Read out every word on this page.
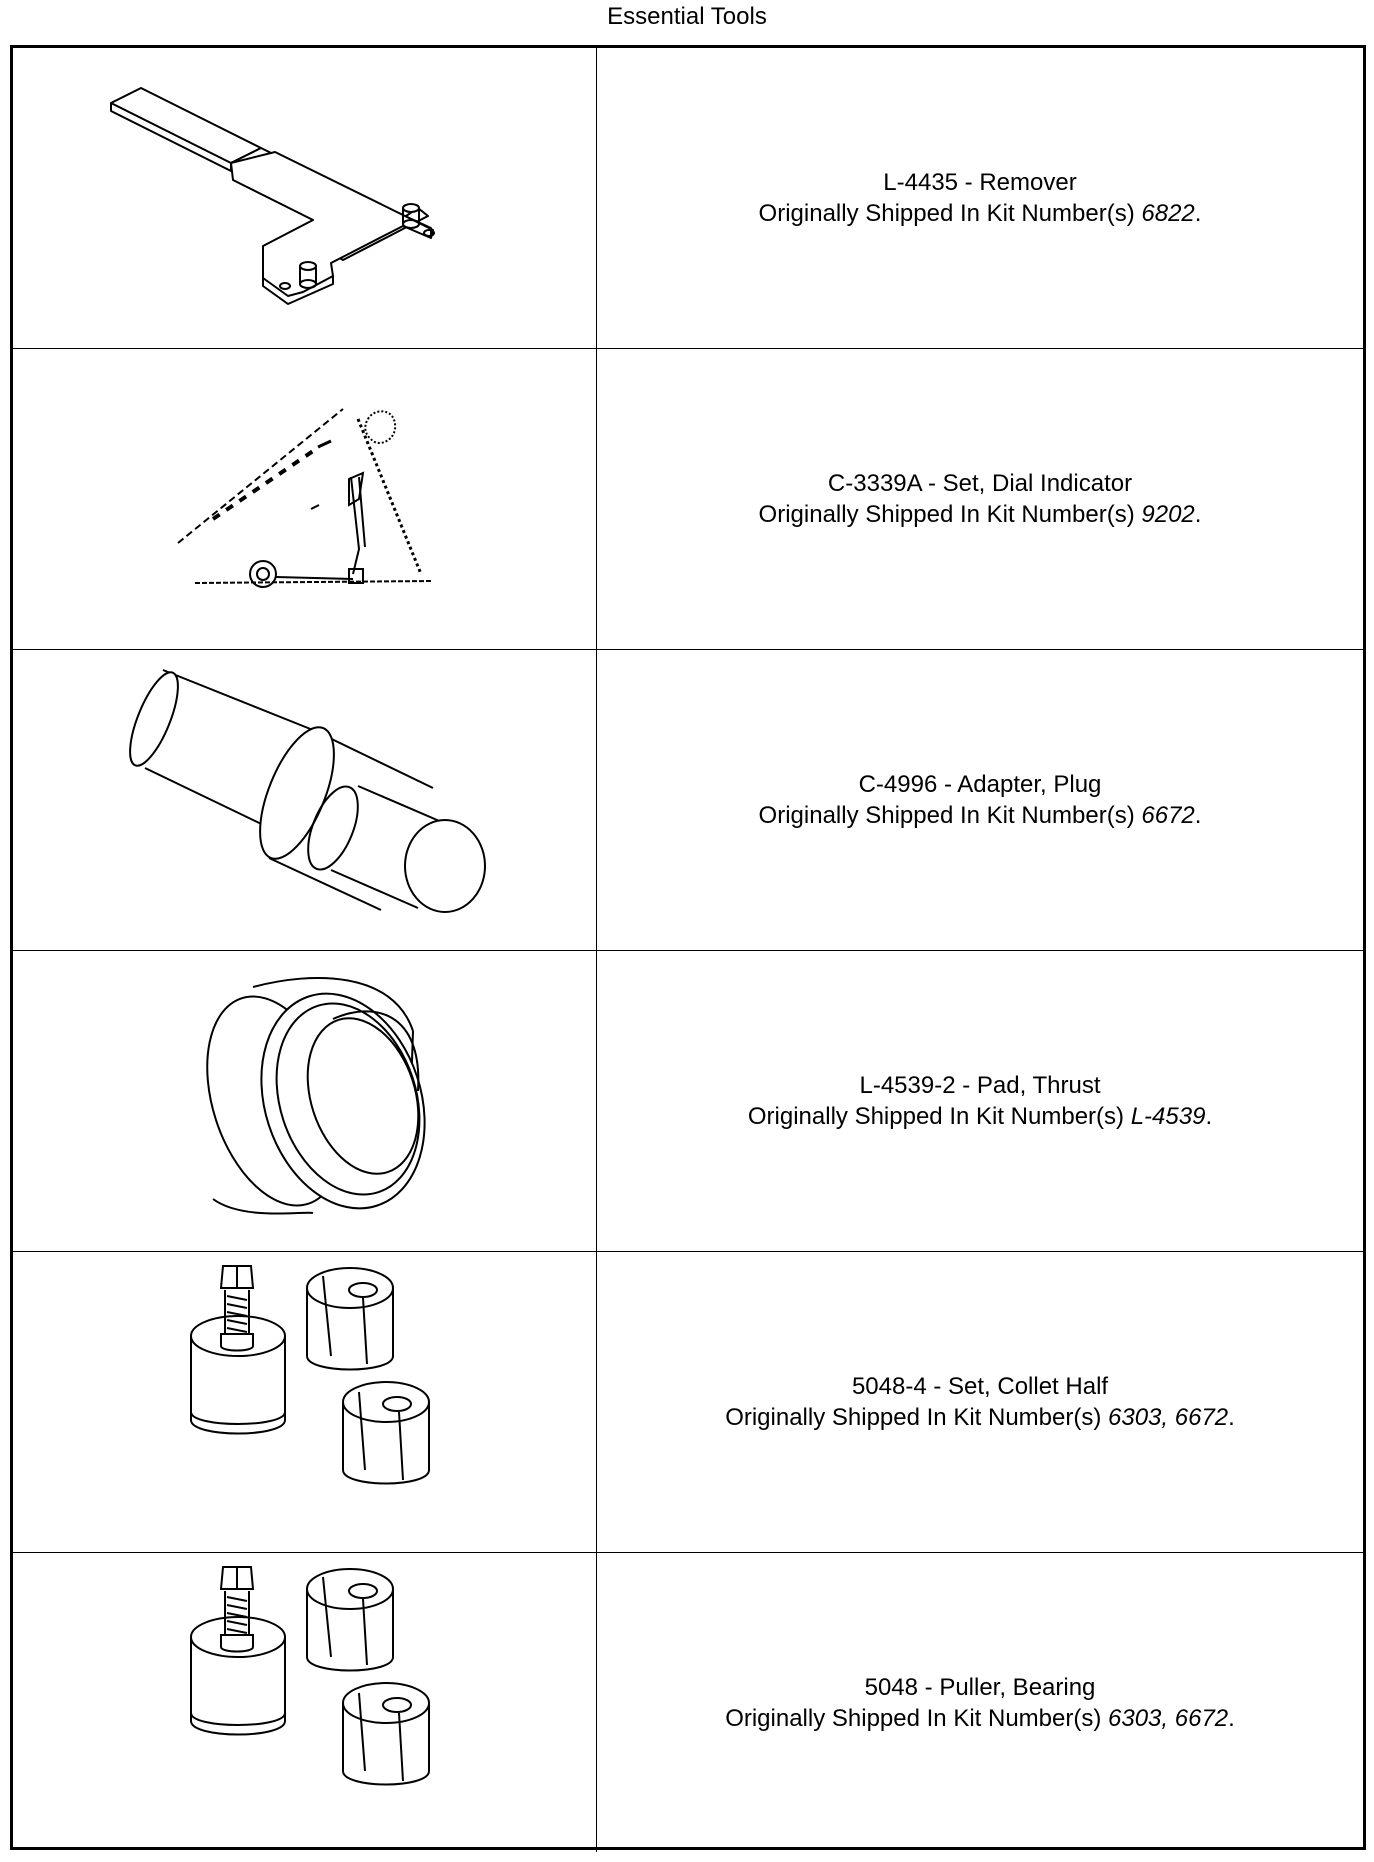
Essential Tools
L-4435 - Remover
Originally Shipped In Kit Number(s) 6822.
C-3339A - Set, Dial Indicator
Originally Shipped In Kit Number(s) 9202.
C-4996 - Adapter, Plug
Originally Shipped In Kit Number(s) 6672.
L-4539-2 - Pad, Thrust
Originally Shipped In Kit Number(s) L-4539.
5048-4 - Set, Collet Half
Originally Shipped In Kit Number(s) 6303, 6672.
5048 - Puller, Bearing
Originally Shipped In Kit Number(s) 6303, 6672.
